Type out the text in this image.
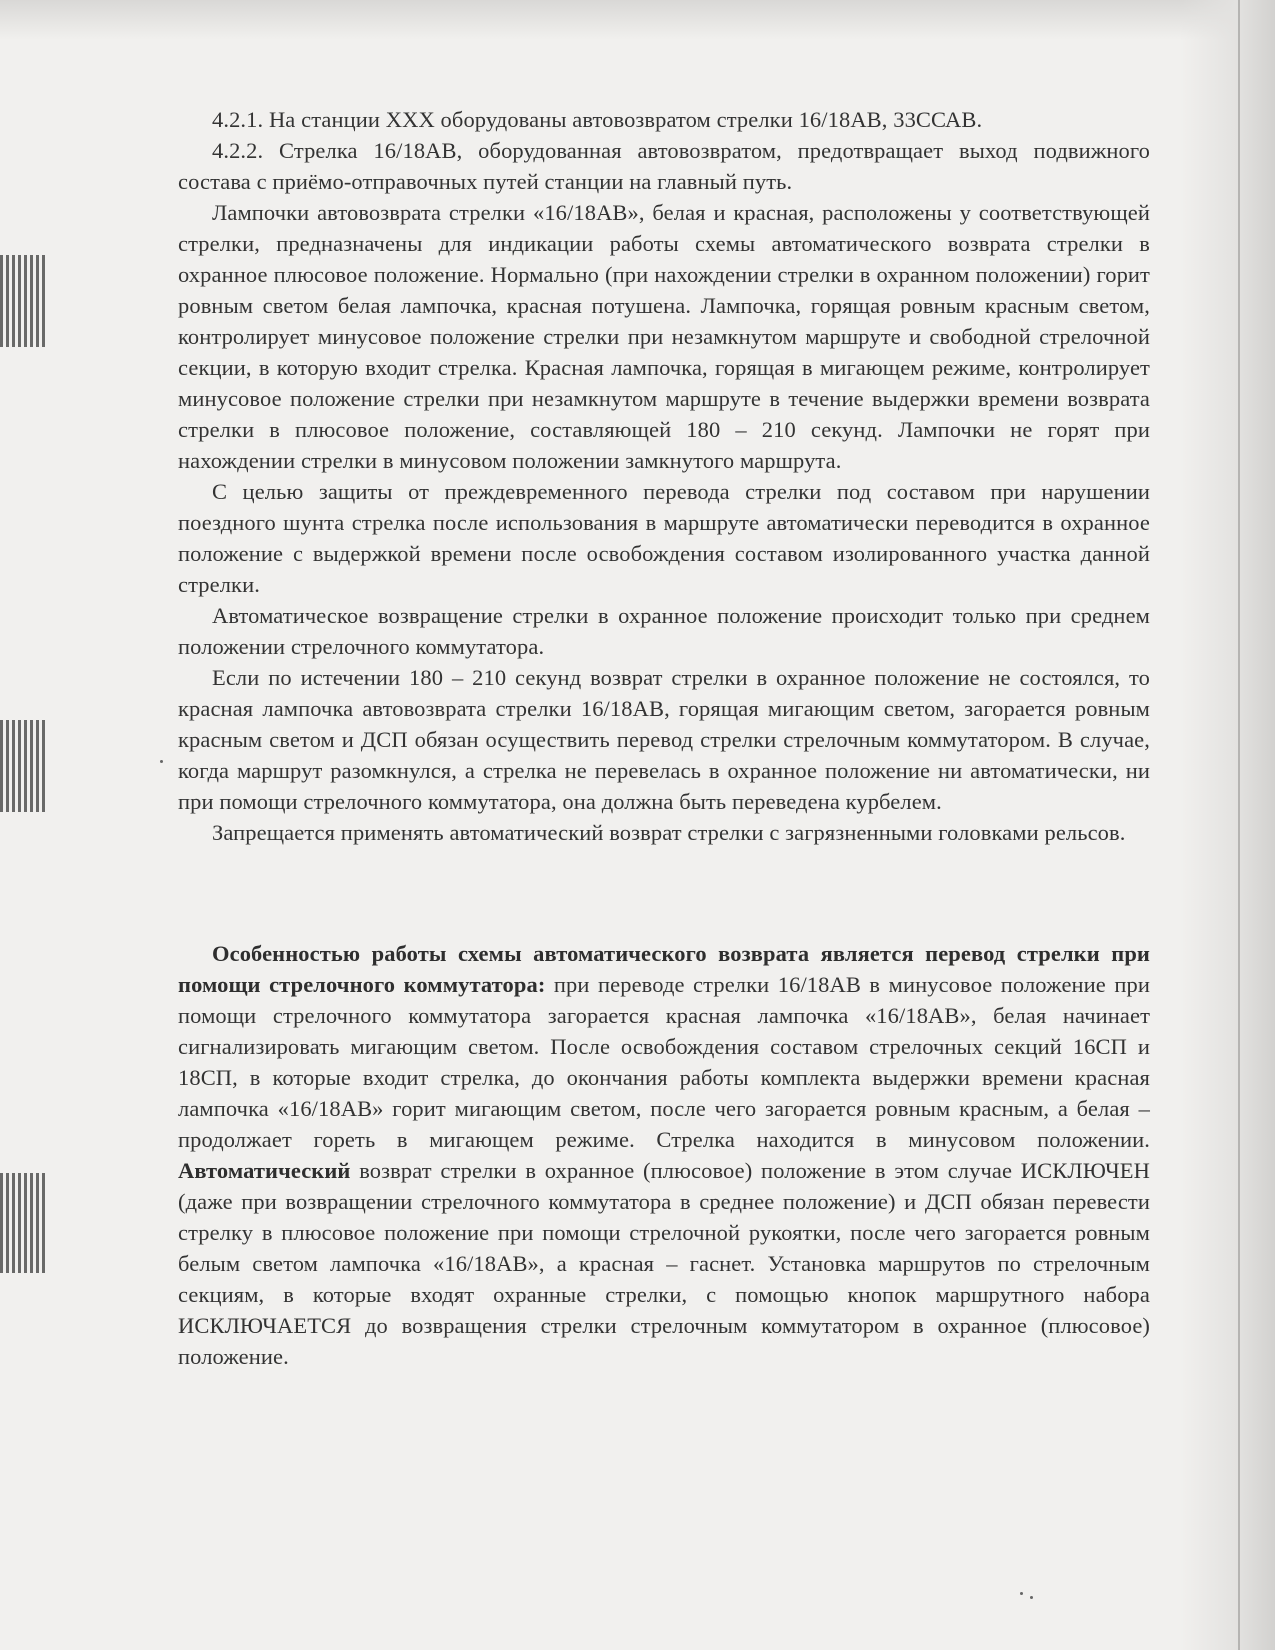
4.2.1. На станции XXX оборудованы автовозвратом стрелки 16/18АВ, 33ССАВ.

4.2.2. Стрелка 16/18АВ, оборудованная автовозвратом, предотвращает выход подвижного состава с приёмо-отправочных путей станции на главный путь.

Лампочки автовозврата стрелки «16/18АВ», белая и красная, расположены у соответствующей стрелки, предназначены для индикации работы схемы автоматического возврата стрелки в охранное плюсовое положение. Нормально (при нахождении стрелки в охранном положении) горит ровным светом белая лампочка, красная потушена. Лампочка, горящая ровным красным светом, контролирует минусовое положение стрелки при незамкнутом маршруте и свободной стрелочной секции, в которую входит стрелка. Красная лампочка, горящая в мигающем режиме, контролирует минусовое положение стрелки при незамкнутом маршруте в течение выдержки времени возврата стрелки в плюсовое положение, составляющей 180 – 210 секунд. Лампочки не горят при нахождении стрелки в минусовом положении замкнутого маршрута.

С целью защиты от преждевременного перевода стрелки под составом при нарушении поездного шунта стрелка после использования в маршруте автоматически переводится в охранное положение с выдержкой времени после освобождения составом изолированного участка данной стрелки.

Автоматическое возвращение стрелки в охранное положение происходит только при среднем положении стрелочного коммутатора.

Если по истечении 180 – 210 секунд возврат стрелки в охранное положение не состоялся, то красная лампочка автовозврата стрелки 16/18АВ, горящая мигающим светом, загорается ровным красным светом и ДСП обязан осуществить перевод стрелки стрелочным коммутатором. В случае, когда маршрут разомкнулся, а стрелка не перевелась в охранное положение ни автоматически, ни при помощи стрелочного коммутатора, она должна быть переведена курбелем.

Запрещается применять автоматический возврат стрелки с загрязненными головками рельсов.

Особенностью работы схемы автоматического возврата является перевод стрелки при помощи стрелочного коммутатора: при переводе стрелки 16/18АВ в минусовое положение при помощи стрелочного коммутатора загорается красная лампочка «16/18АВ», белая начинает сигнализировать мигающим светом. После освобождения составом стрелочных секций 16СП и 18СП, в которые входит стрелка, до окончания работы комплекта выдержки времени красная лампочка «16/18АВ» горит мигающим светом, после чего загорается ровным красным, а белая – продолжает гореть в мигающем режиме. Стрелка находится в минусовом положении. Автоматический возврат стрелки в охранное (плюсовое) положение в этом случае ИСКЛЮЧЕН (даже при возвращении стрелочного коммутатора в среднее положение) и ДСП обязан перевести стрелку в плюсовое положение при помощи стрелочной рукоятки, после чего загорается ровным белым светом лампочка «16/18АВ», а красная – гаснет. Установка маршрутов по стрелочным секциям, в которые входят охранные стрелки, с помощью кнопок маршрутного набора ИСКЛЮЧАЕТСЯ до возвращения стрелки стрелочным коммутатором в охранное (плюсовое) положение.
